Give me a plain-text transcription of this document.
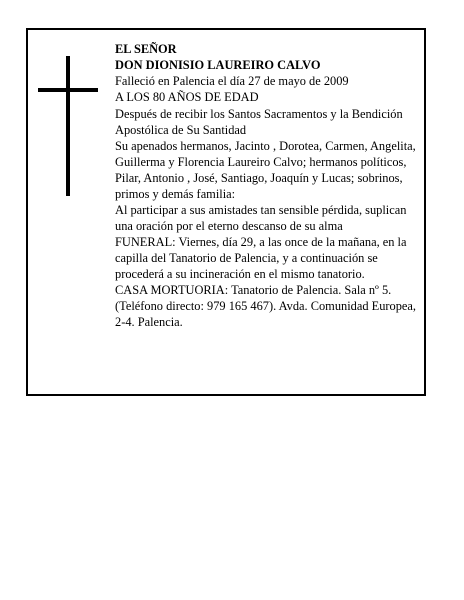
EL SEÑOR

DON DIONISIO LAUREIRO CALVO

Falleció en Palencia el día 27 de mayo de 2009

A LOS 80 AÑOS DE EDAD

Después de recibir los Santos Sacramentos y la Bendición Apostólica de Su Santidad

Su apenados hermanos, Jacinto , Dorotea, Carmen, Angelita, Guillerma y Florencia Laureiro Calvo; hermanos políticos, Pilar, Antonio , José, Santiago, Joaquín y Lucas; sobrinos, primos y demás familia:

Al participar a sus amistades tan sensible pérdida, suplican una oración por el eterno descanso de su alma

FUNERAL: Viernes, día 29, a las once de la mañana, en la capilla del Tanatorio de Palencia, y a continuación se procederá a su incineración en el mismo tanatorio.

CASA MORTUORIA: Tanatorio de Palencia. Sala nº 5. (Teléfono directo: 979 165 467). Avda. Comunidad Europea, 2-4. Palencia.
